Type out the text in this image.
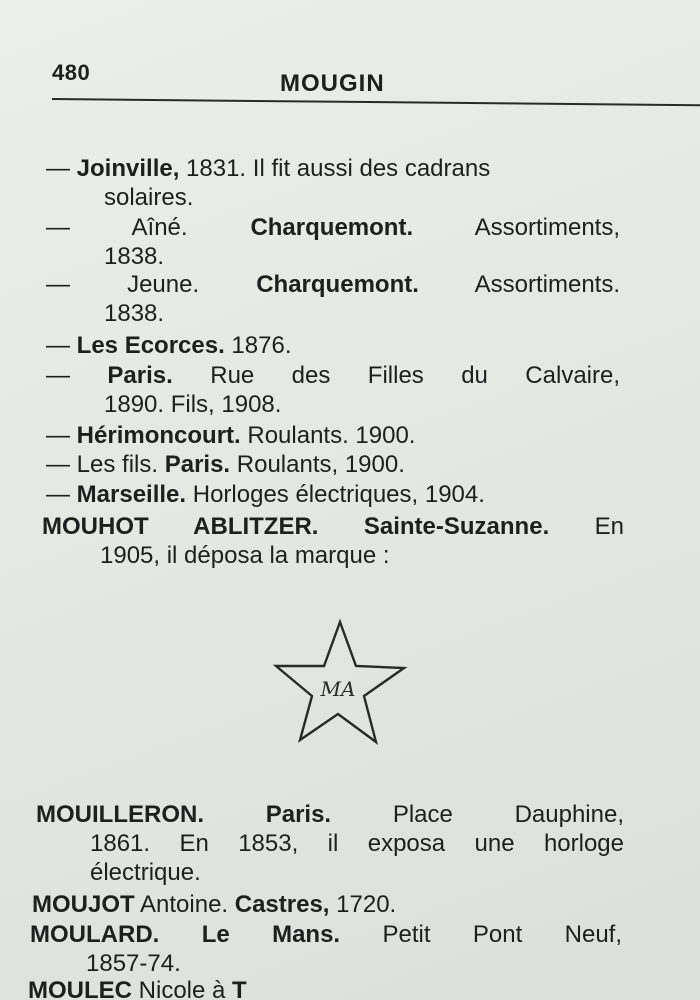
480	MOUGIN
— Joinville, 1831. Il fit aussi des cadrans
solaires.
—	Aîné.	Charquemont.	Assortiments,
1838.
— Jeune. Charquemont. Assortiments.
1838.
— Les Ecorces. 1876.
— Paris. Rue des Filles du Calvaire,
1890. Fils, 1908.
— Hérimoncourt. Roulants. 1900.
— Les fils. Paris. Roulants, 1900.
— Marseille. Horloges électriques, 1904.
MOUHOT ABLITZER. Sainte-Suzanne. En
1905, il déposa la marque :
MA
MOUILLERON. Paris.	Place Dauphine,
1861. En 1853, il exposa une horloge
électrique.
MOUJOT Antoine. Castres, 1720.
MOULARD. Le Mans. Petit Pont Neuf,
1857-74.
MOULEC Nicole à T
